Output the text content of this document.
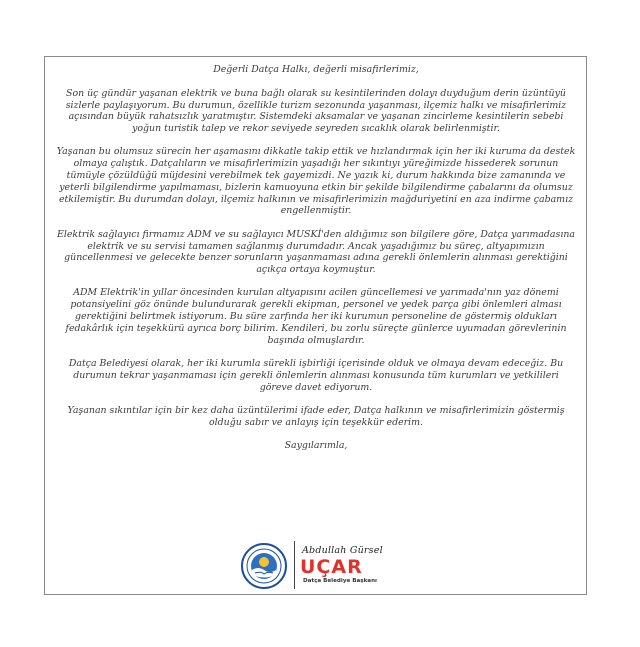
Değerli Datça Halkı, değerli misafirlerimiz,

Son üç gündür yaşanan elektrik ve buna bağlı olarak su kesintilerinden dolayı duyduğum derin üzüntüyü sizlerle paylaşıyorum. Bu durumun, özellikle turizm sezonunda yaşanması, ilçemiz halkı ve misafirlerimiz açısından büyük rahatsızlık yaratmıştır. Sistemdeki aksamalar ve yaşanan zincirleme kesintilerin sebebi yoğun turistik talep ve rekor seviyede seyreden sıcaklık olarak belirlenmiştir.

Yaşanan bu olumsuz sürecin her aşamasını dikkatle takip ettik ve hızlandırmak için her iki kuruma da destek olmaya çalıştık. Datçalıların ve misafirlerimizin yaşadığı her sıkıntıyı yüreğimizde hissederek sorunun tümüyle çözüldüğü müjdesini verebilmek tek gayemizdi. Ne yazık ki, durum hakkında bize zamanında ve yeterli bilgilendirme yapılmaması, bizlerin kamuoyuna etkin bir şekilde bilgilendirme çabalarını da olumsuz etkilemiştir. Bu durumdan dolayı, ilçemiz halkının ve misafirlerimizin mağduriyetini en aza indirme çabamız engellenmiştir.

Elektrik sağlayıcı firmamız ADM ve su sağlayıcı MUSKİ'den aldığımız son bilgilere göre, Datça yarımadasına elektrik ve su servisi tamamen sağlanmış durumdadır. Ancak yaşadığımız bu süreç, altyapımızın güncellenmesi ve gelecekte benzer sorunların yaşanmaması adına gerekli önlemlerin alınması gerektiğini açıkça ortaya koymuştur.

ADM Elektrik'in yıllar öncesinden kurulan altyapısını acilen güncellemesi ve yarımada'nın yaz dönemi potansiyelini göz önünde bulundurarak gerekli ekipman, personel ve yedek parça gibi önlemleri alması gerektiğini belirtmek istiyorum. Bu süre zarfında her iki kurumun personeline de göstermiş oldukları fedakârlık için teşekkürü ayrıca borç bilirim. Kendileri, bu zorlu süreçte günlerce uyumadan görevlerinin başında olmuşlardır.

Datça Belediyesi olarak, her iki kurumla sürekli işbirliği içerisinde olduk ve olmaya devam edeceğiz. Bu durumun tekrar yaşanmaması için gerekli önlemlerin alınması konusunda tüm kurumları ve yetkilileri göreve davet ediyorum.

Yaşanan sıkıntılar için bir kez daha üzüntülerimi ifade eder, Datça halkının ve misafirlerimizin göstermiş olduğu sabır ve anlayış için teşekkür ederim.

Saygılarımla,

Abdullah Gürsel
UÇAR
Datça Belediye Başkanı
